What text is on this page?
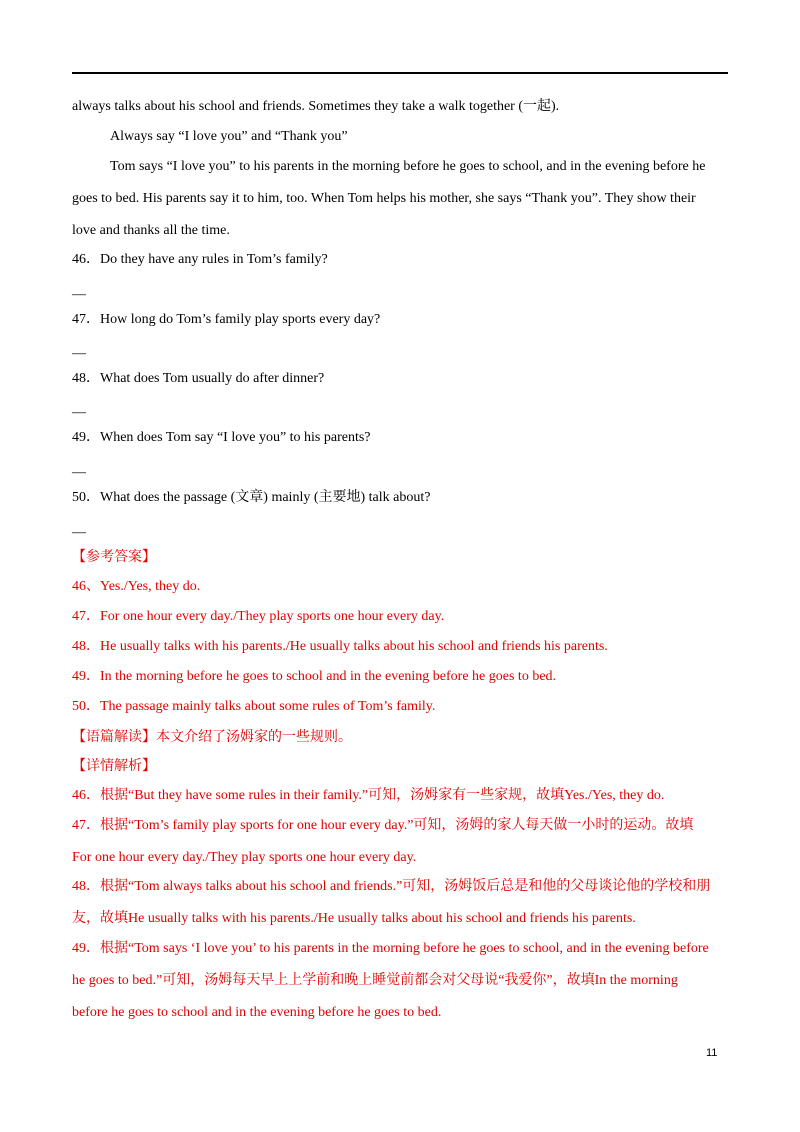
always talks about his school and friends. Sometimes they take a walk together (一起).
Always say “I love you” and “Thank you”
Tom says “I love you” to his parents in the morning before he goes to school, and in the evening before he
goes to bed. His parents say it to him, too. When Tom helps his mother, she says “Thank you”. They show their
love and thanks all the time.
46．Do they have any rules in Tom’s family?
—
47．How long do Tom’s family play sports every day?
—
48．What does Tom usually do after dinner?
—
49．When does Tom say “I love you” to his parents?
—
50．What does the passage (文章) mainly (主要地) talk about?
—
【参考答案】
46、Yes./Yes, they do.
47．For one hour every day./They play sports one hour every day.
48．He usually talks with his parents./He usually talks about his school and friends his parents.
49．In the morning before he goes to school and in the evening before he goes to bed.
50．The passage mainly talks about some rules of Tom’s family.
【语篇解读】本文介绍了汤姆家的一些规则。
【详情解析】
46．根据“But they have some rules in their family.”可知，汤姆家有一些家规，故填Yes./Yes, they do.
47．根据“Tom’s family play sports for one hour every day.”可知，汤姆的家人每天做一小时的运动。故填
For one hour every day./They play sports one hour every day.
48．根据“Tom always talks about his school and friends.”可知，汤姆饭后总是和他的父母谈论他的学校和朋
友，故填He usually talks with his parents./He usually talks about his school and friends his parents.
49．根据“Tom says ‘I love you’ to his parents in the morning before he goes to school, and in the evening before
he goes to bed.”可知，汤姆每天早上上学前和晚上睡觉前都会对父母说“我爱你”，故填In the morning
before he goes to school and in the evening before he goes to bed.
11
